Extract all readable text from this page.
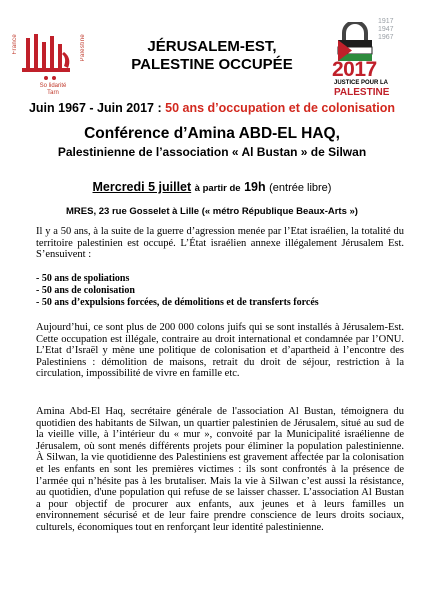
France	Palestine
So lidarité
Tarn
JÉRUSALEM-EST,
PALESTINE OCCUPÉE
1917
1947
1967
2017
JUSTICE POUR LA
PALESTINE
Juin 1967 - Juin 2017 : 50 ans d’occupation et de colonisation
Conférence d’Amina ABD-EL HAQ,
Palestinienne de l’association « Al Bustan » de Silwan
Mercredi 5 juillet à partir de 19h (entrée libre)
MRES, 23 rue Gosselet à Lille (« métro République Beaux-Arts »)
Il y a 50 ans, à la suite de la guerre d’agression menée par l’Etat israélien, la totalité du territoire palestinien est occupé. L’État israélien annexe illégalement Jérusalem Est. S’ensuivent :
- 50 ans de spoliations
- 50 ans de colonisation
- 50 ans d’expulsions forcées, de démolitions et de transferts forcés
Aujourd’hui, ce sont plus de 200 000 colons juifs qui se sont installés à Jérusalem-Est. Cette occupation est illégale, contraire au droit international et condamnée par l’ONU. L’Etat d’Israël y mène une politique de colonisation et d’apartheid à l’encontre des Palestiniens : démolition de maisons, retrait du droit de séjour, restriction à la circulation, impossibilité de vivre en famille etc.
Amina Abd-El Haq, secrétaire générale de l'association Al Bustan, témoignera du quotidien des habitants de Silwan, un quartier palestinien de Jérusalem, situé au sud de la vieille ville, à l’intérieur du « mur », convoité par la Municipalité israélienne de Jérusalem, où sont menés différents projets pour éliminer la population palestinienne. À Silwan, la vie quotidienne des Palestiniens est gravement affectée par la colonisation et les enfants en sont les premières victimes : ils sont confrontés à la présence de l’armée qui n’hésite pas à les brutaliser. Mais la vie à Silwan c’est aussi la résistance, au quotidien, d'une population qui refuse de se laisser chasser. L’association Al Bustan a pour objectif de procurer aux enfants, aux jeunes et à leurs familles un environnement sécurisé et de leur faire prendre conscience de leurs droits sociaux, culturels, économiques tout en renforçant leur identité palestinienne.
